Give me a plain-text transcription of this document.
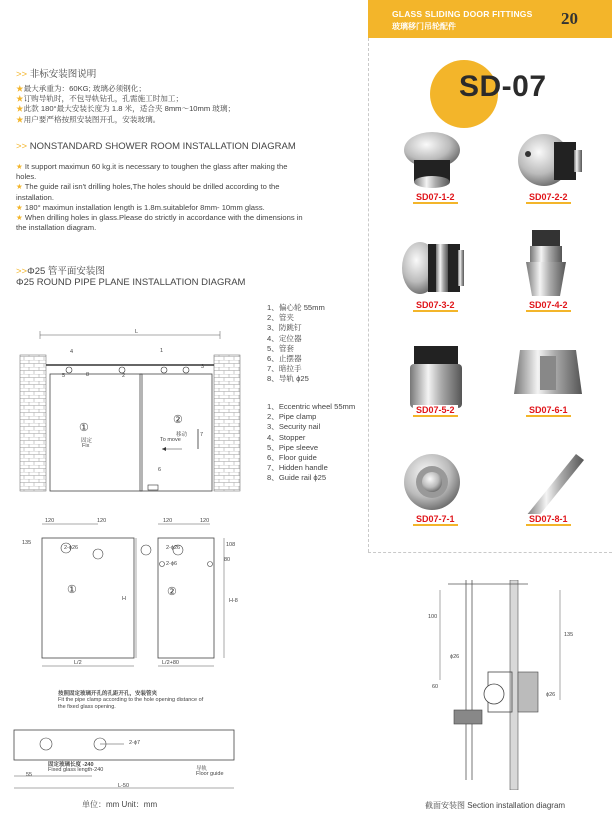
GLASS SLIDING DOOR FITTINGS
玻璃移门吊轮配件	20
>> 非标安装图说明
★最大承重为：60KG; 玻璃必须钢化；
★订购导轨时，不包导轨钻孔，孔需施工时加工；
★此款 180°最大安装长度为 1.8 米，适合夹 8mm～10mm 玻璃；
★用户要严格按照安装图开孔，安装玻璃。
>> NONSTANDARD SHOWER ROOM INSTALLATION DIAGRAM
★ It support maximun 60 kg.it is necessary to toughen the glass after making the holes.
★ The guide rail isn't drilling holes,The holes should be drilled according to the installation.
★ 180° maximun installation length is 1.8m.suitablefor 8mm- 10mm glass.
★ When drilling holes in glass.Please do strictly in accordance with the dimensions in the installation diagram.
>>Φ25 管平面安装图
Φ25 ROUND PIPE PLANE INSTALLATION DIAGRAM
1、偏心轮 55mm
2、管夹
3、防跳钉
4、定位器
5、管套
6、止摆器
7、暗拉手
8、导轨 ϕ25
1、Eccentric wheel 55mm
2、Pipe clamp
3、Security nail
4、Stopper
5、Pipe sleeve
6、Floor guide
7、Hidden handle
8、Guide rail ϕ25
L
4	1
5	8	2
3
7
6
①
固定
Fix
②
移动
To move
120	120	120	120
135
2-ϕ26	2-ϕ26
2-ϕ6
108
80
①	②
H	H-8
L/2	L/2+80
按照固定玻璃开孔的孔距开孔，安装管夹
Fit the pipe clamp according to the hole opening distance of the fixed glass opening.
2-ϕ7
固定玻璃长度 -240
Fixed glass length-240
55
导轨
Floor guide
L-50
单位：mm Unit：mm
SD-07
SD07-1-2	SD07-2-2
SD07-3-2	SD07-4-2
SD07-5-2	SD07-6-1
SD07-7-1	SD07-8-1
100
135
ϕ26
60
ϕ26
截面安装图 Section installation diagram
